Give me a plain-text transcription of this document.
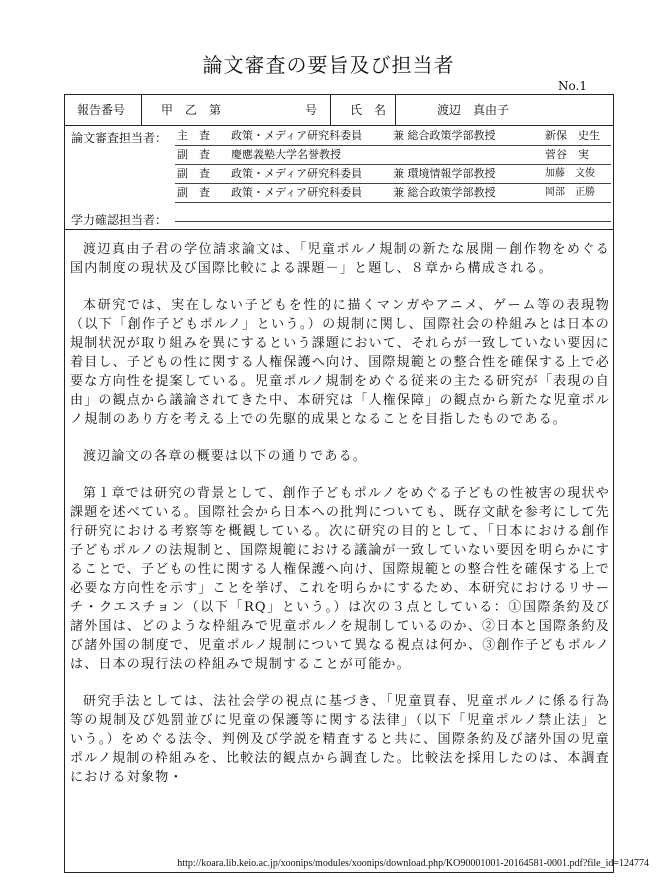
論文審査の要旨及び担当者
No.1
報告番号	甲　乙　第　　　　　　　号	氏　名	渡辺　真由子
論文審査担当者： 主　査 政策・メディア研究科委員	兼 総合政策学部教授	新保　史生
副　査 慶應義塾大学名誉教授	菅谷　実
副　査 政策・メディア研究科委員	兼 環境情報学部教授	加藤　文俊
副　査 政策・メディア研究科委員	兼 総合政策学部教授	岡部　正勝
学力確認担当者：

渡辺真由子君の学位請求論文は、「児童ポルノ規制の新たな展開－創作物をめぐる国内制度の現状及び国際比較による課題－」と題し、８章から構成される。

本研究では、実在しない子どもを性的に描くマンガやアニメ、ゲーム等の表現物（以下「創作子どもポルノ」という。）の規制に関し、国際社会の枠組みとは日本の規制状況が取り組みを異にするという課題において、それらが一致していない要因に着目し、子どもの性に関する人権保護へ向け、国際規範との整合性を確保する上で必要な方向性を提案している。児童ポルノ規制をめぐる従来の主たる研究が「表現の自由」の観点から議論されてきた中、本研究は「人権保障」の観点から新たな児童ポルノ規制のあり方を考える上での先駆的成果となることを目指したものである。

渡辺論文の各章の概要は以下の通りである。

第１章では研究の背景として、創作子どもポルノをめぐる子どもの性被害の現状や課題を述べている。国際社会から日本への批判についても、既存文献を参考にして先行研究における考察等を概観している。次に研究の目的として、「日本における創作子どもポルノの法規制と、国際規範における議論が一致していない要因を明らかにすることで、子どもの性に関する人権保護へ向け、国際規範との整合性を確保する上で必要な方向性を示す」ことを挙げ、これを明らかにするため、本研究におけるリサーチ・クエスチョン（以下「RQ」という。）は次の３点としている：①国際条約及び諸外国は、どのような枠組みで児童ポルノを規制しているのか、②日本と国際条約及び諸外国の制度で、児童ポルノ規制について異なる視点は何か、③創作子どもポルノは、日本の現行法の枠組みで規制することが可能か。

研究手法としては、法社会学の視点に基づき、「児童買春、児童ポルノに係る行為等の規制及び処罰並びに児童の保護等に関する法律」（以下「児童ポルノ禁止法」という。）をめぐる法令、判例及び学説を精査すると共に、国際条約及び諸外国の児童ポルノ規制の枠組みを、比較法的観点から調査した。比較法を採用したのは、本調査における対象物・

http://koara.lib.keio.ac.jp/xoonips/modules/xoonips/download.php/KO90001001-20164581-0001.pdf?file_id=124774
